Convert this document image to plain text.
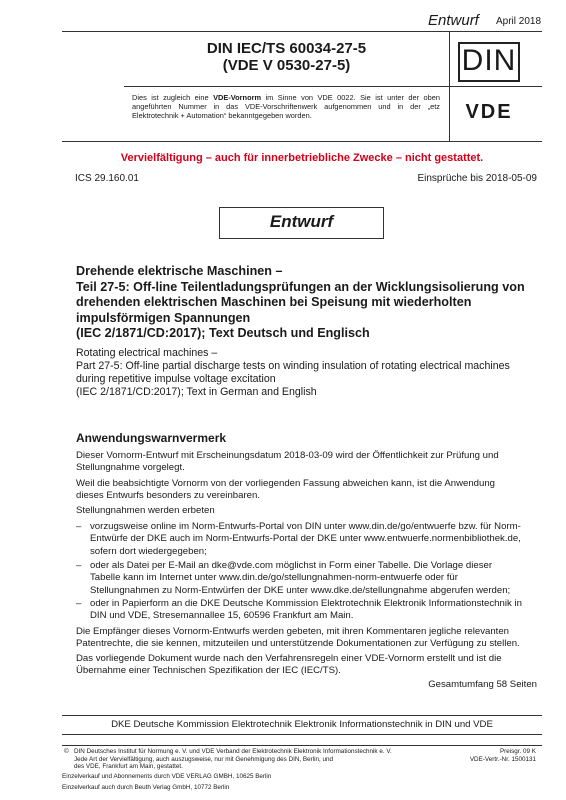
Entwurf April 2018
DIN IEC/TS 60034-27-5
(VDE V 0530-27-5)	DIN
Dies ist zugleich eine VDE-Vornorm im Sinne von VDE 0022. Sie ist unter der oben angeführten Nummer in das VDE-Vorschriftenwerk aufgenommen und in der „etz Elektrotechnik + Automation“ bekanntgegeben worden.	VDE
Vervielfältigung – auch für innerbetriebliche Zwecke – nicht gestattet.
ICS 29.160.01	Einsprüche bis 2018-05-09
Entwurf
Drehende elektrische Maschinen –
Teil 27-5: Off-line Teilentladungsprüfungen an der Wicklungsisolierung von
drehenden elektrischen Maschinen bei Speisung mit wiederholten
impulsförmigen Spannungen
(IEC 2/1871/CD:2017); Text Deutsch und Englisch
Rotating electrical machines –
Part 27-5: Off-line partial discharge tests on winding insulation of rotating electrical machines
during repetitive impulse voltage excitation
(IEC 2/1871/CD:2017); Text in German and English
Anwendungswarnvermerk
Dieser Vornorm-Entwurf mit Erscheinungsdatum 2018-03-09 wird der Öffentlichkeit zur Prüfung und
Stellungnahme vorgelegt.
Weil die beabsichtigte Vornorm von der vorliegenden Fassung abweichen kann, ist die Anwendung
dieses Entwurfs besonders zu vereinbaren.
Stellungnahmen werden erbeten
– vorzugsweise online im Norm-Entwurfs-Portal von DIN unter www.din.de/go/entwuerfe bzw. für Norm-
Entwürfe der DKE auch im Norm-Entwurfs-Portal der DKE unter www.entwuerfe.normenbibliothek.de,
sofern dort wiedergegeben;
– oder als Datei per E-Mail an dke@vde.com möglichst in Form einer Tabelle. Die Vorlage dieser
Tabelle kann im Internet unter www.din.de/go/stellungnahmen-norm-entwuerfe oder für
Stellungnahmen zu Norm-Entwürfen der DKE unter www.dke.de/stellungnahme abgerufen werden;
– oder in Papierform an die DKE Deutsche Kommission Elektrotechnik Elektronik Informationstechnik in
DIN und VDE, Stresemannallee 15, 60596 Frankfurt am Main.
Die Empfänger dieses Vornorm-Entwurfs werden gebeten, mit ihren Kommentaren jegliche relevanten
Patentrechte, die sie kennen, mitzuteilen und unterstützende Dokumentationen zur Verfügung zu stellen.
Das vorliegende Dokument wurde nach den Verfahrensregeln einer VDE-Vornorm erstellt und ist die
Übernahme einer Technischen Spezifikation der IEC (IEC/TS).
Gesamtumfang 58 Seiten
DKE Deutsche Kommission Elektrotechnik Elektronik Informationstechnik in DIN und VDE
© DIN Deutsches Institut für Normung e. V. und VDE Verband der Elektrotechnik Elektronik Informationstechnik e. V.
Jede Art der Vervielfältigung, auch auszugsweise, nur mit Genehmigung des DIN, Berlin, und
des VDE, Frankfurt am Main, gestattet.
Preisgr. 09 K
VDE-Vertr.-Nr. 1500131
Einzelverkauf und Abonnements durch VDE VERLAG GMBH, 10625 Berlin
Einzelverkauf auch durch Beuth Verlag GmbH, 10772 Berlin
